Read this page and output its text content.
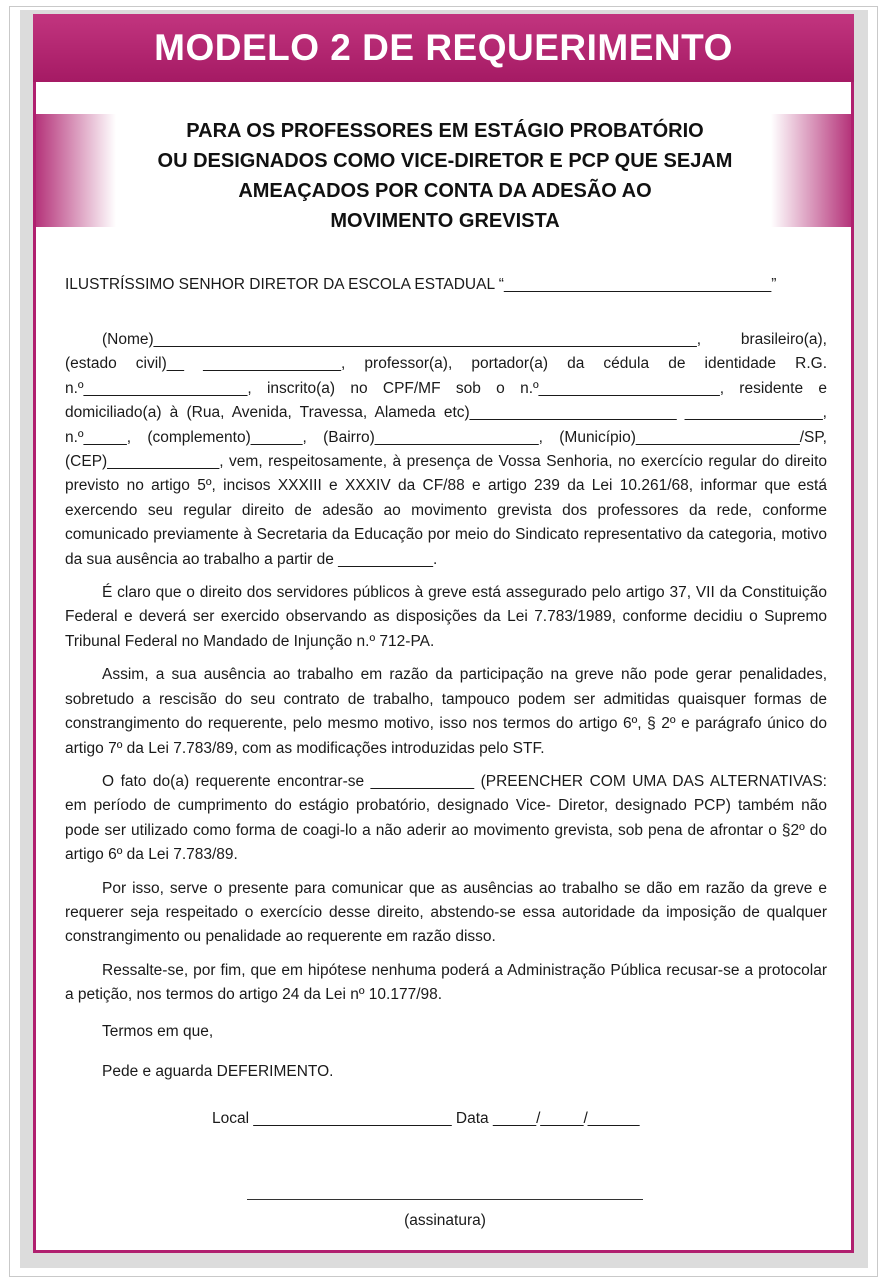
MODELO 2 DE REQUERIMENTO
PARA OS PROFESSORES EM ESTÁGIO PROBATÓRIO
OU DESIGNADOS COMO VICE-DIRETOR E PCP QUE SEJAM
AMEAÇADOS POR CONTA DA ADESÃO AO
MOVIMENTO GREVISTA
ILUSTRÍSSIMO SENHOR DIRETOR DA ESCOLA ESTADUAL “_______________________________”

(Nome)_______________________________________________________________, brasileiro(a), (estado civil)__ ________________, professor(a), portador(a) da cédula de identidade R.G. n.º___________________, inscrito(a) no CPF/MF sob o n.º_____________________, residente e domiciliado(a) à (Rua, Avenida, Travessa, Alameda etc)________________________ ________________, n.º_____, (complemento)______, (Bairro)___________________, (Município)___________________/SP, (CEP)_____________, vem, respeitosamente, à presença de Vossa Senhoria, no exercício regular do direito previsto no artigo 5º, incisos XXXIII e XXXIV da CF/88 e artigo 239 da Lei 10.261/68, informar que está exercendo seu regular direito de adesão ao movimento grevista dos professores da rede, conforme comunicado previamente à Secretaria da Educação por meio do Sindicato representativo da categoria, motivo da sua ausência ao trabalho a partir de ___________.

É claro que o direito dos servidores públicos à greve está assegurado pelo artigo 37, VII da Constituição Federal e deverá ser exercido observando as disposições da Lei 7.783/1989, conforme decidiu o Supremo Tribunal Federal no Mandado de Injunção n.º 712-PA.

Assim, a sua ausência ao trabalho em razão da participação na greve não pode gerar penalidades, sobretudo a rescisão do seu contrato de trabalho, tampouco podem ser admitidas quaisquer formas de constrangimento do requerente, pelo mesmo motivo, isso nos termos do artigo 6º, § 2º e parágrafo único do artigo 7º da Lei 7.783/89, com as modificações introduzidas pelo STF.

O fato do(a) requerente encontrar-se ____________ (PREENCHER COM UMA DAS ALTERNATIVAS: em período de cumprimento do estágio probatório, designado Vice- Diretor, designado PCP) também não pode ser utilizado como forma de coagi-lo a não aderir ao movimento grevista, sob pena de afrontar o §2º do artigo 6º da Lei 7.783/89.

Por isso, serve o presente para comunicar que as ausências ao trabalho se dão em razão da greve e requerer seja respeitado o exercício desse direito, abstendo-se essa autoridade da imposição de qualquer constrangimento ou penalidade ao requerente em razão disso.

Ressalte-se, por fim, que em hipótese nenhuma poderá a Administração Pública recusar-se a protocolar a petição, nos termos do artigo 24 da Lei nº 10.177/98.

Termos em que,
Pede e aguarda DEFERIMENTO.
Local _______________________ Data _____/_____/______
(assinatura)
